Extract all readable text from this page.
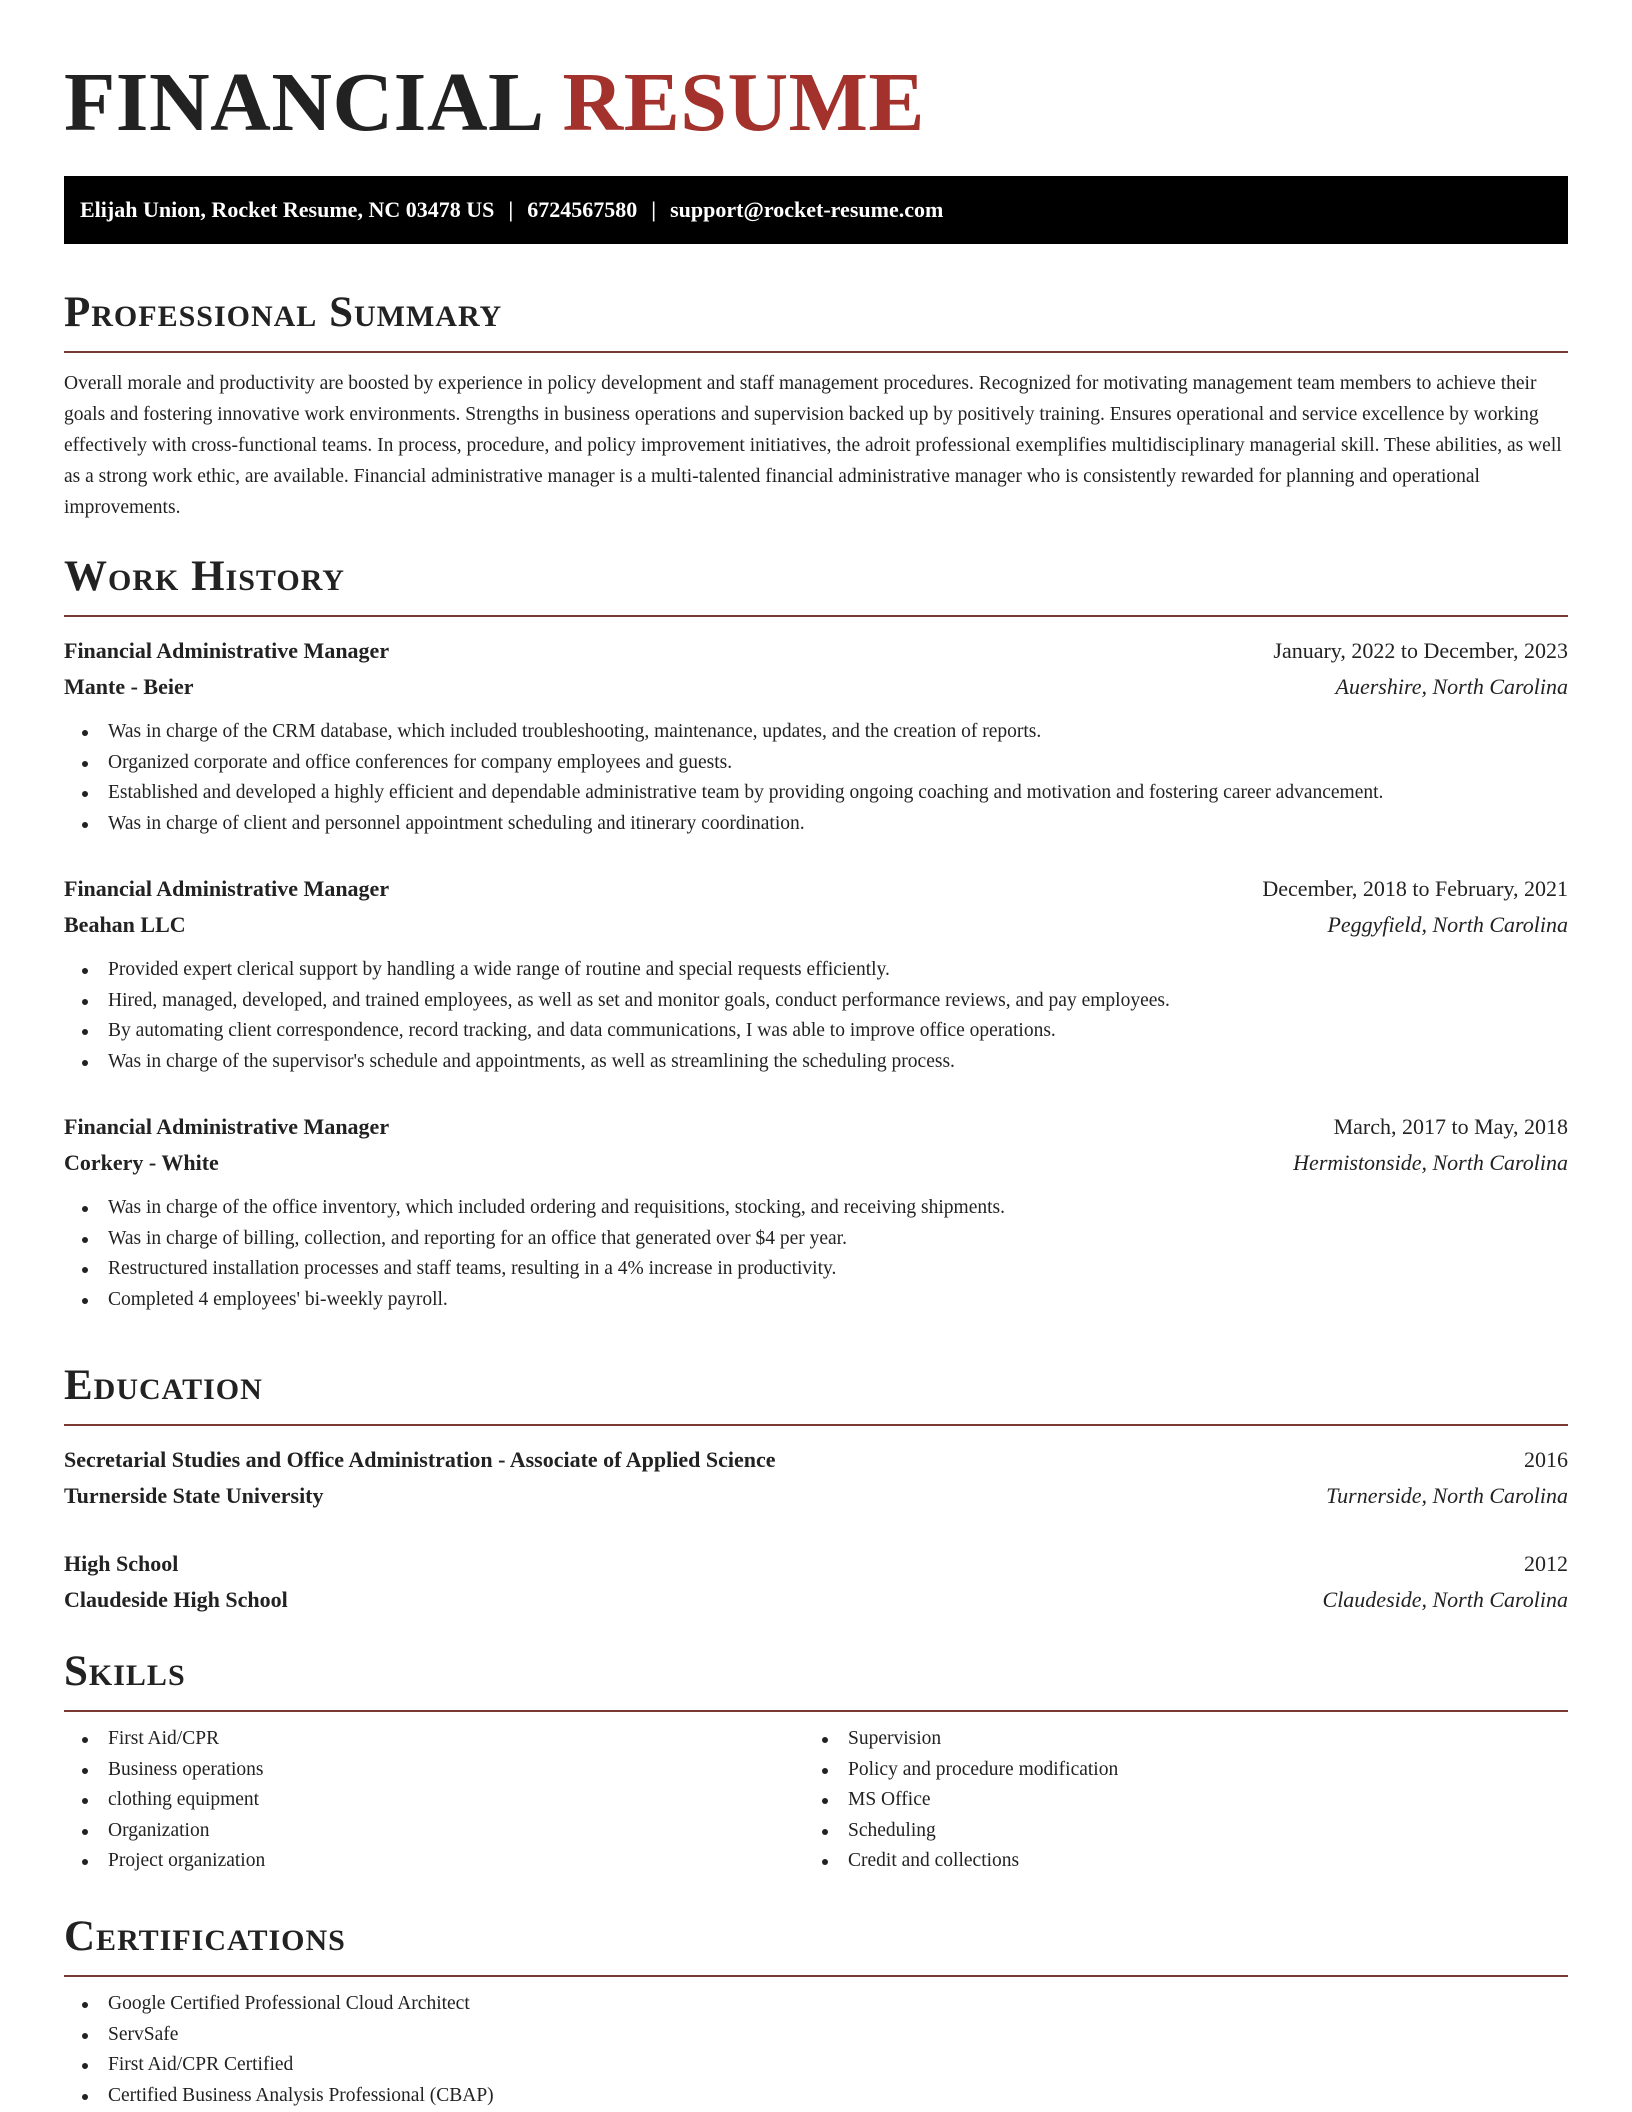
FINANCIAL RESUME
Elijah Union, Rocket Resume, NC 03478 US | 6724567580 | support@rocket-resume.com
Professional Summary

Overall morale and productivity are boosted by experience in policy development and staff management procedures. Recognized for motivating management team members to achieve their goals and fostering innovative work environments. Strengths in business operations and supervision backed up by positively training. Ensures operational and service excellence by working effectively with cross-functional teams. In process, procedure, and policy improvement initiatives, the adroit professional exemplifies multidisciplinary managerial skill. These abilities, as well as a strong work ethic, are available. Financial administrative manager is a multi-talented financial administrative manager who is consistently rewarded for planning and operational improvements.

Work History
Financial Administrative Manager	January, 2022 to December, 2023
Mante - Beier	Auershire, North Carolina
Was in charge of the CRM database, which included troubleshooting, maintenance, updates, and the creation of reports.
Organized corporate and office conferences for company employees and guests.
Established and developed a highly efficient and dependable administrative team by providing ongoing coaching and motivation and fostering career advancement.
Was in charge of client and personnel appointment scheduling and itinerary coordination.
Financial Administrative Manager	December, 2018 to February, 2021
Beahan LLC	Peggyfield, North Carolina
Provided expert clerical support by handling a wide range of routine and special requests efficiently.
Hired, managed, developed, and trained employees, as well as set and monitor goals, conduct performance reviews, and pay employees.
By automating client correspondence, record tracking, and data communications, I was able to improve office operations.
Was in charge of the supervisor's schedule and appointments, as well as streamlining the scheduling process.
Financial Administrative Manager	March, 2017 to May, 2018
Corkery - White	Hermistonside, North Carolina
Was in charge of the office inventory, which included ordering and requisitions, stocking, and receiving shipments.
Was in charge of billing, collection, and reporting for an office that generated over $4 per year.
Restructured installation processes and staff teams, resulting in a 4% increase in productivity.
Completed 4 employees' bi-weekly payroll.
Education
Secretarial Studies and Office Administration - Associate of Applied Science	2016
Turnerside State University	Turnerside, North Carolina
High School	2012
Claudeside High School	Claudeside, North Carolina
Skills
First Aid/CPR
Business operations
clothing equipment
Organization
Project organization
Supervision
Policy and procedure modification
MS Office
Scheduling
Credit and collections
Certifications
Google Certified Professional Cloud Architect
ServSafe
First Aid/CPR Certified
Certified Business Analysis Professional (CBAP)
